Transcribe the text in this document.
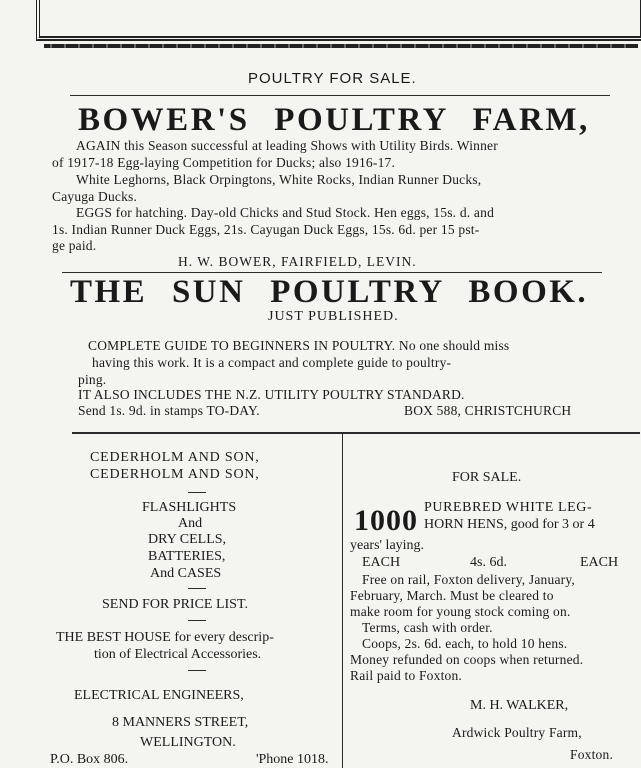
POULTRY FOR SALE.
BOWER'S POULTRY FARM,
AGAIN this Season successful at leading Shows with Utility Birds. Winner
of 1917-18 Egg-laying Competition for Ducks; also 1916-17.
White Leghorns, Black Orpingtons, White Rocks, Indian Runner Ducks,
Cayuga Ducks.
EGGS for hatching. Day-old Chicks and Stud Stock. Hen eggs, 15s. d. and
1s. Indian Runner Duck Eggs, 21s. Cayugan Duck Eggs, 15s. 6d. per 15 pst-
ge paid.
H. W. BOWER, FAIRFIELD, LEVIN.
THE SUN POULTRY BOOK.
JUST PUBLISHED.
COMPLETE GUIDE TO BEGINNERS IN POULTRY. No one should miss
having this work. It is a compact and complete guide to poultry-
ping.
IT ALSO INCLUDES THE N.Z. UTILITY POULTRY STANDARD.
Send 1s. 9d. in stamps TO-DAY.	BOX 588, CHRISTCHURCH
CEDERHOLM AND SON,
CEDERHOLM AND SON,
FLASHLIGHTS
And
DRY CELLS,
BATTERIES,
And CASES
SEND FOR PRICE LIST.
THE BEST HOUSE for every descrip-
tion of Electrical Accessories.
ELECTRICAL ENGINEERS,
8 MANNERS STREET,
WELLINGTON.
P.O. Box 806.	'Phone 1018.
FOR SALE.
1000 PUREBRED WHITE LEG-
HORN HENS, good for 3 or 4
years' laying.
EACH	4s. 6d.	EACH
Free on rail, Foxton delivery, January,
February, March. Must be cleared to
make room for young stock coming on.
Terms, cash with order.
Coops, 2s. 6d. each, to hold 10 hens.
Money refunded on coops when returned.
Rail paid to Foxton.
M. H. WALKER,
Ardwick Poultry Farm,
Foxton.
